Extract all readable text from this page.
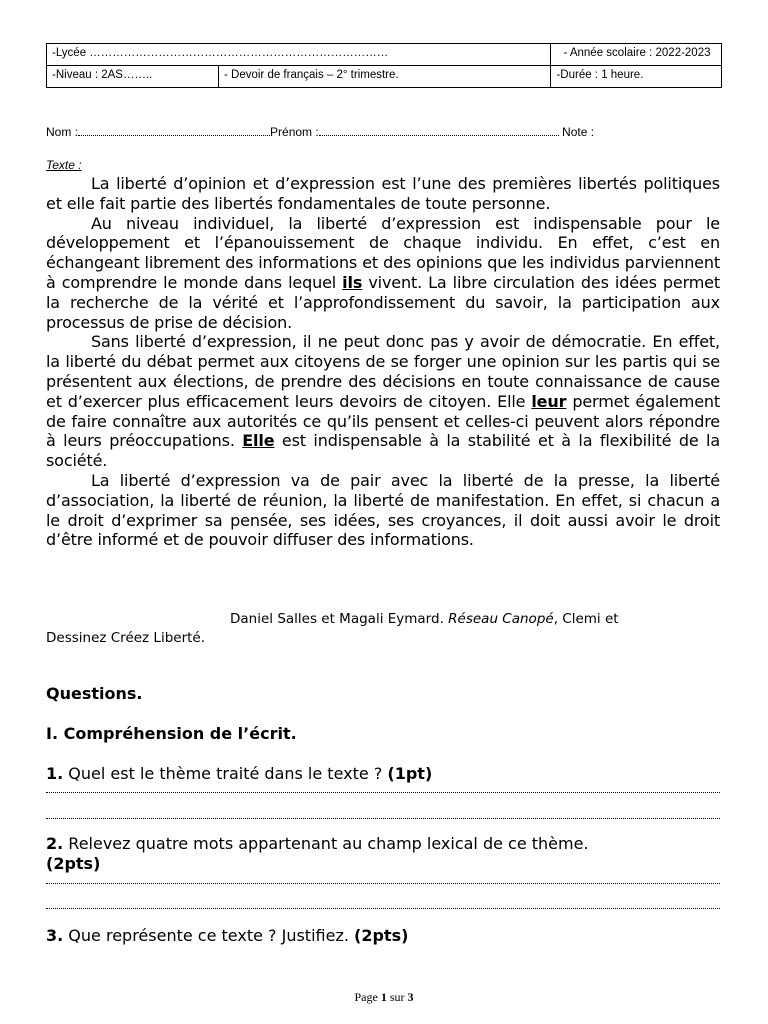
-Lycée ……………………………………………………………………		- Année scolaire : 2022-2023
-Niveau : 2AS……..	- Devoir de français – 2° trimestre.	-Durée : 1 heure.
Nom :	Prénom :	Note :
Texte :

La liberté d’opinion et d’expression est l’une des premières libertés politiques et elle fait partie des libertés fondamentales de toute personne.

Au niveau individuel, la liberté d’expression est indispensable pour le développement et l’épanouissement de chaque individu. En effet, c’est en échangeant librement des informations et des opinions que les individus parviennent à comprendre le monde dans lequel ils vivent. La libre circulation des idées permet la recherche de la vérité et l’approfondissement du savoir, la participation aux processus de prise de décision.

Sans liberté d’expression, il ne peut donc pas y avoir de démocratie. En effet, la liberté du débat permet aux citoyens de se forger une opinion sur les partis qui se présentent aux élections, de prendre des décisions en toute connaissance de cause et d’exercer plus efficacement leurs devoirs de citoyen. Elle leur permet également de faire connaître aux autorités ce qu’ils pensent et celles-ci peuvent alors répondre à leurs préoccupations. Elle est indispensable à la stabilité et à la flexibilité de la société.

La liberté d’expression va de pair avec la liberté de la presse, la liberté d’association, la liberté de réunion, la liberté de manifestation. En effet, si chacun a le droit d’exprimer sa pensée, ses idées, ses croyances, il doit aussi avoir le droit d’être informé et de pouvoir diffuser des informations.

Daniel Salles et Magali Eymard. Réseau Canopé, Clemi et
Dessinez Créez Liberté.
Questions.
I. Compréhension de l’écrit.
1. Quel est le thème traité dans le texte ? (1pt)
2. Relevez quatre mots appartenant au champ lexical de ce thème.
(2pts)
3. Que représente ce texte ? Justifiez. (2pts)
Page 1 sur 3
